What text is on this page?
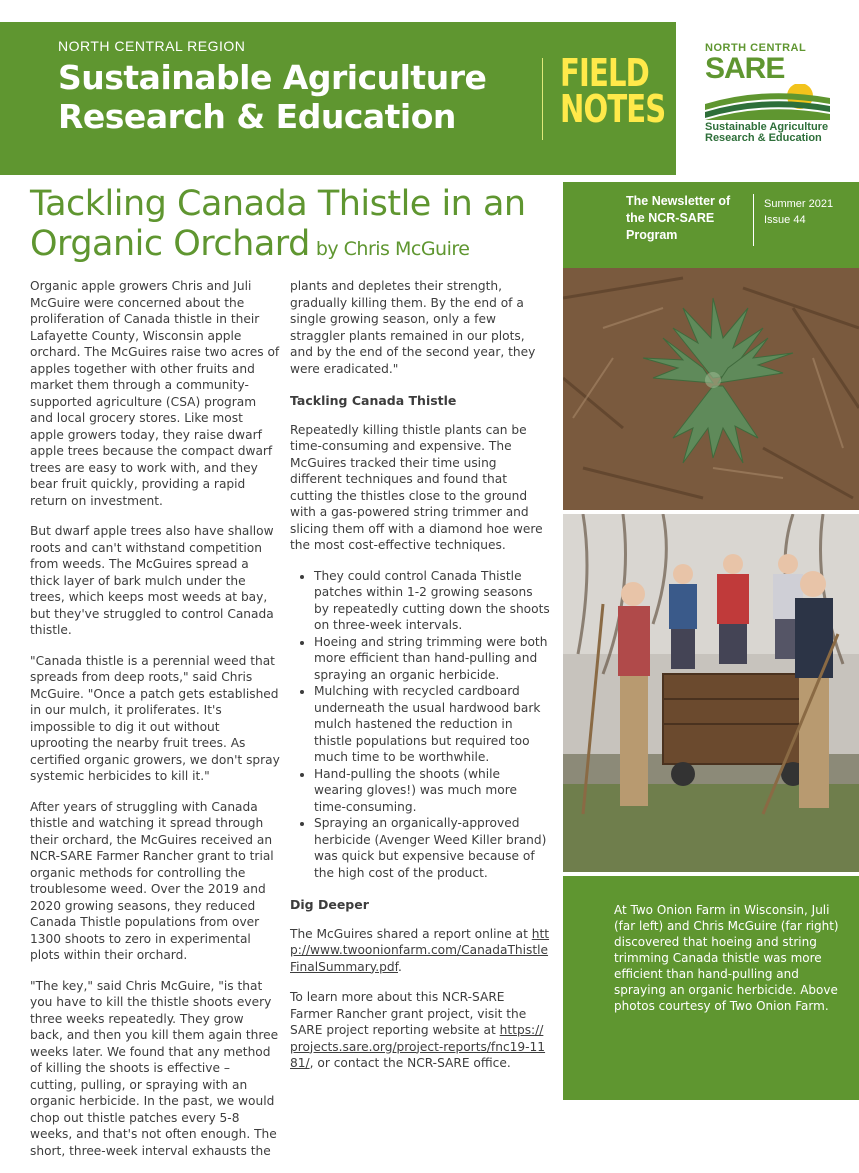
NORTH CENTRAL REGION
Sustainable Agriculture
Research & Education
FIELD
NOTES
NORTH CENTRAL
SARE
Sustainable Agriculture
Research & Education
Tackling Canada Thistle in an
Organic Orchard by Chris McGuire
The Newsletter of the NCR-SARE Program
Summer 2021
Issue 44

Organic apple growers Chris and Juli McGuire were concerned about the proliferation of Canada thistle in their Lafayette County, Wisconsin apple orchard. The McGuires raise two acres of apples together with other fruits and market them through a community-supported agriculture (CSA) program and local grocery stores. Like most apple growers today, they raise dwarf apple trees because the compact dwarf trees are easy to work with, and they bear fruit quickly, providing a rapid return on investment.

But dwarf apple trees also have shallow roots and can't withstand competition from weeds. The McGuires spread a thick layer of bark mulch under the trees, which keeps most weeds at bay, but they've struggled to control Canada thistle.

"Canada thistle is a perennial weed that spreads from deep roots," said Chris McGuire. "Once a patch gets established in our mulch, it proliferates. It's impossible to dig it out without uprooting the nearby fruit trees. As certified organic growers, we don't spray systemic herbicides to kill it."

After years of struggling with Canada thistle and watching it spread through their orchard, the McGuires received an NCR-SARE Farmer Rancher grant to trial organic methods for controlling the troublesome weed. Over the 2019 and 2020 growing seasons, they reduced Canada Thistle populations from over 1300 shoots to zero in experimental plots within their orchard.

"The key," said Chris McGuire, "is that you have to kill the thistle shoots every three weeks repeatedly. They grow back, and then you kill them again three weeks later. We found that any method of killing the shoots is effective – cutting, pulling, or spraying with an organic herbicide. In the past, we would chop out thistle patches every 5-8 weeks, and that's not often enough. The short, three-week interval exhausts the

plants and depletes their strength, gradually killing them. By the end of a single growing season, only a few straggler plants remained in our plots, and by the end of the second year, they were eradicated."

Tackling Canada Thistle

Repeatedly killing thistle plants can be time-consuming and expensive. The McGuires tracked their time using different techniques and found that cutting the thistles close to the ground with a gas-powered string trimmer and slicing them off with a diamond hoe were the most cost-effective techniques.

• They could control Canada Thistle patches within 1-2 growing seasons by repeatedly cutting down the shoots on three-week intervals.
• Hoeing and string trimming were both more efficient than hand-pulling and spraying an organic herbicide.
• Mulching with recycled cardboard underneath the usual hardwood bark mulch hastened the reduction in thistle populations but required too much time to be worthwhile.
• Hand-pulling the shoots (while wearing gloves!) was much more time-consuming.
• Spraying an organically-approved herbicide (Avenger Weed Killer brand) was quick but expensive because of the high cost of the product.
Dig Deeper

The McGuires shared a report online at http://www.twoonionfarm.com/CanadaThistleFinalSummary.pdf.

To learn more about this NCR-SARE Farmer Rancher grant project, visit the SARE project reporting website at https://projects.sare.org/project-reports/fnc19-1181/, or contact the NCR-SARE office.

At Two Onion Farm in Wisconsin, Juli (far left) and Chris McGuire (far right) discovered that hoeing and string trimming Canada thistle was more efficient than hand-pulling and spraying an organic herbicide. Above photos courtesy of Two Onion Farm.
